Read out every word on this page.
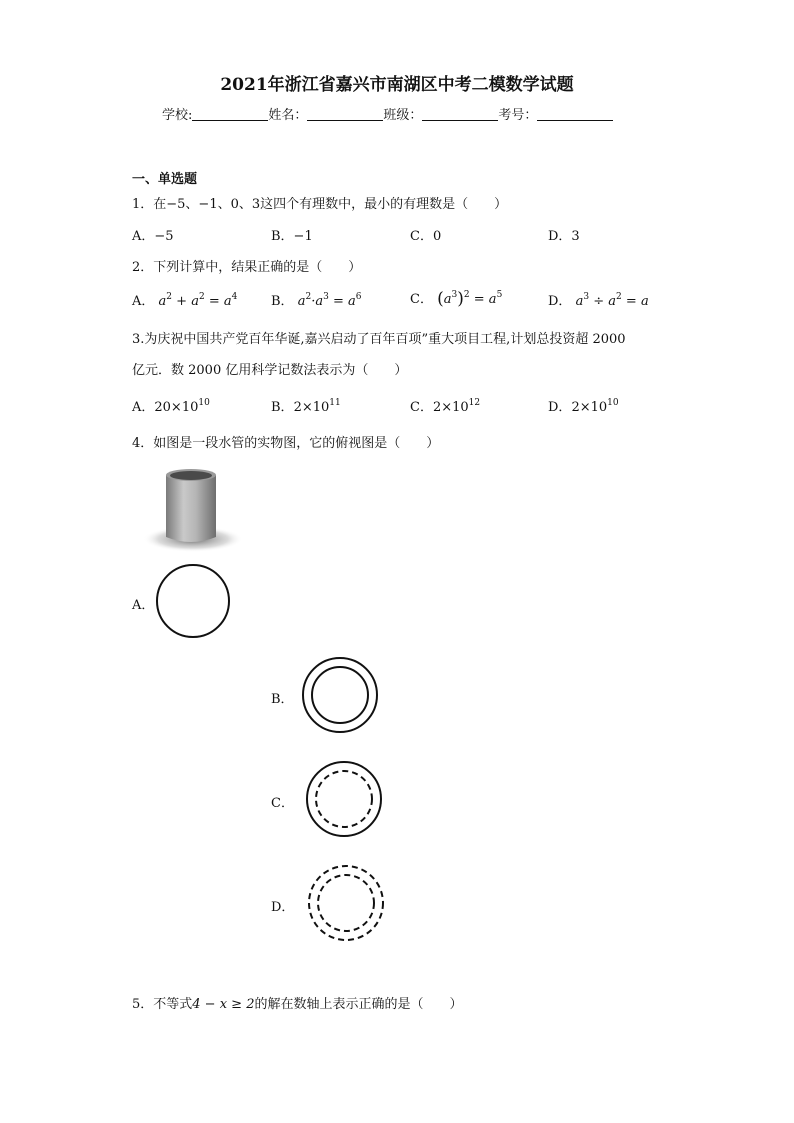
2021年浙江省嘉兴市南湖区中考二模数学试题
学校:	姓名：	班级：	考号：
一、单选题
1．在−5、−1、0、3这四个有理数中，最小的有理数是（　　）
A．−5	B．−1	C．0	D．3
2．下列计算中，结果正确的是（　　）
A． $a^2 + a^2 = a^4$	B． $a^2\cdot a^3 = a^6$	C． $(a^3)^2 = a^5$	D． $a^3 \div a^2 = a$
3.为庆祝中国共产党百年华诞,嘉兴启动了百年百项”重大项目工程,计划总投资超 2000
亿元．数 2000 亿用科学记数法表示为（　　）
A．$20\times 10^{10}$	B．$2\times 10^{11}$	C．$2\times 10^{12}$	D．$2\times 10^{10}$
4．如图是一段水管的实物图，它的俯视图是（　　）
A．
B．
C．
D．
5．不等式4 − x ≥ 2的解在数轴上表示正确的是（　　）
